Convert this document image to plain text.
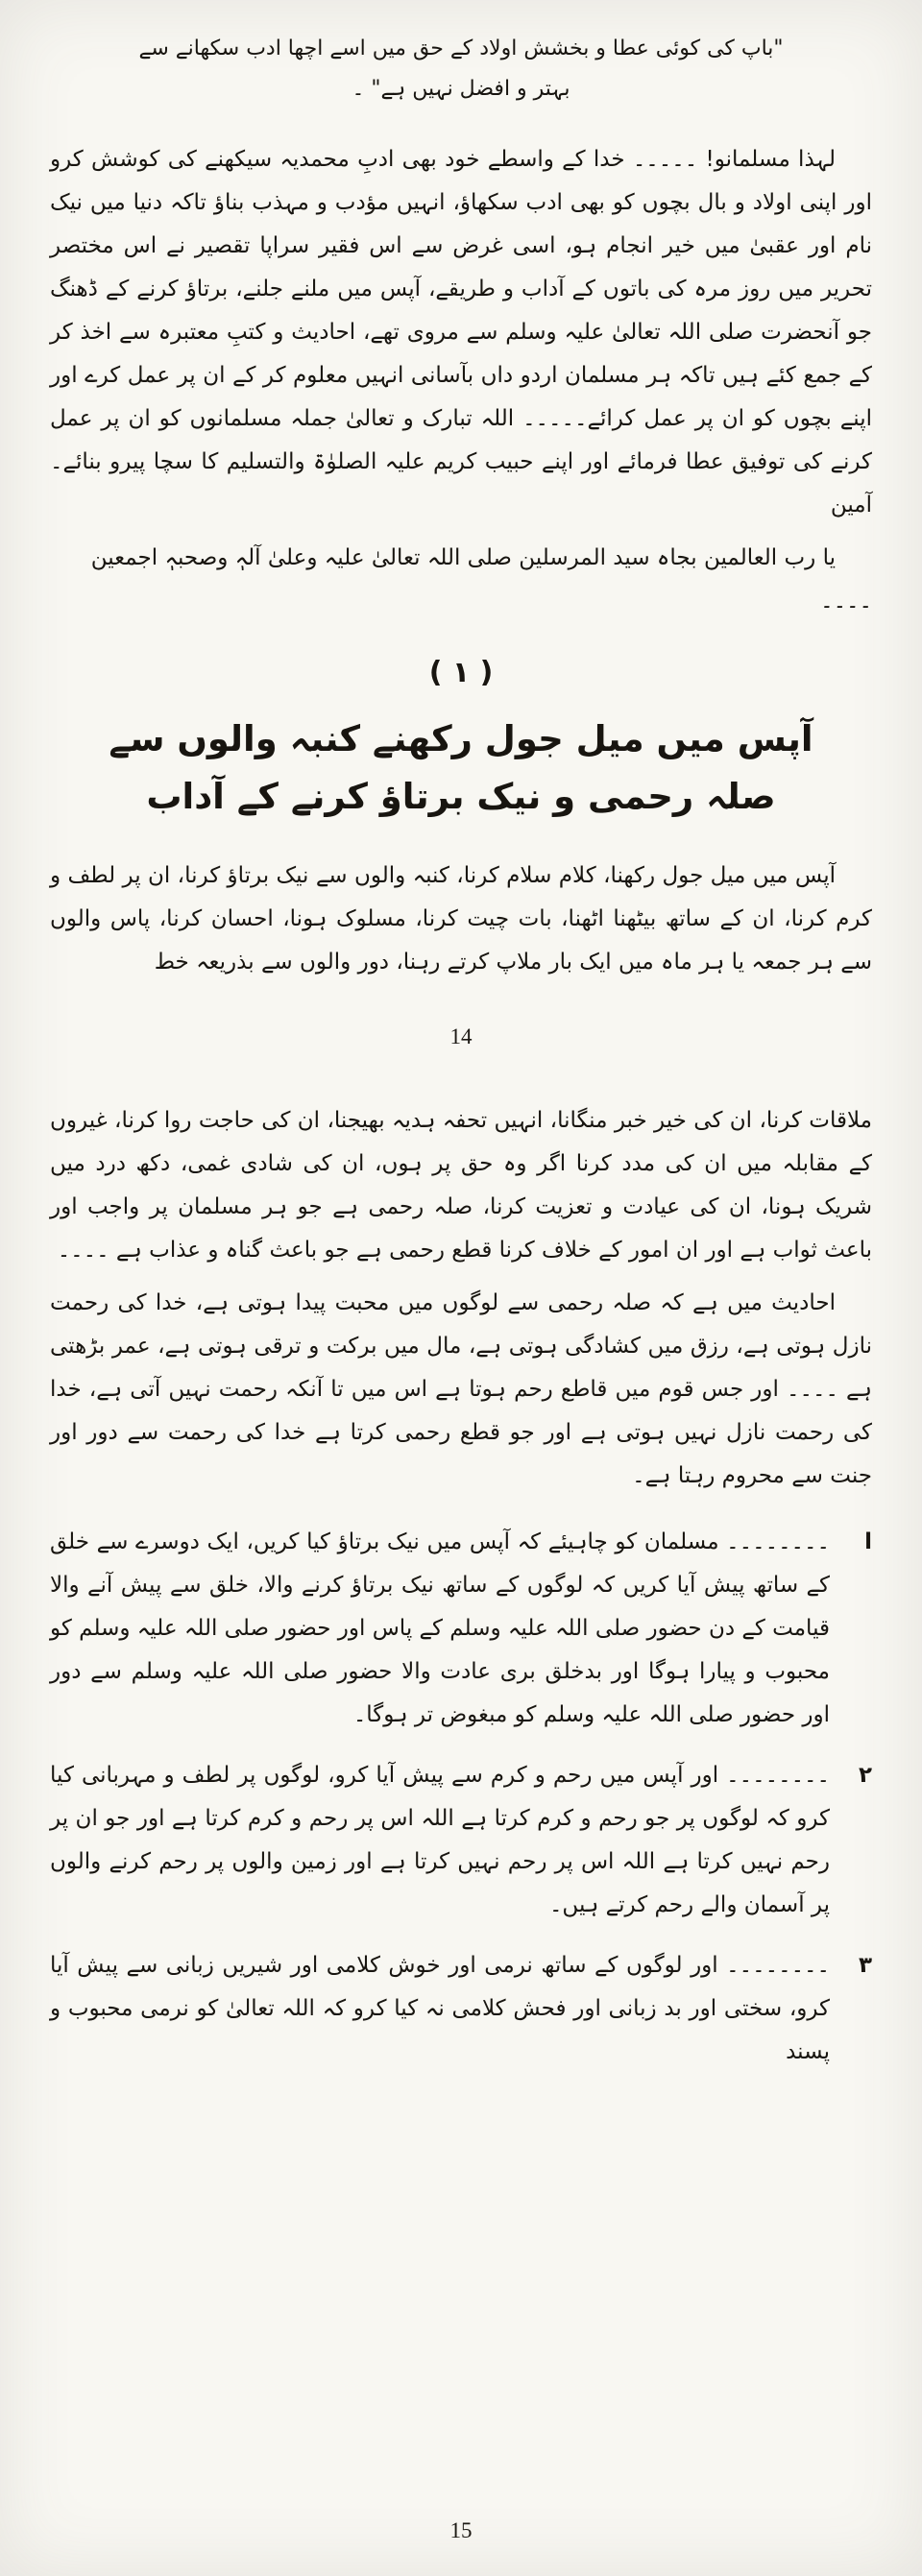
"باپ کی کوئی عطا و بخشش اولاد کے حق میں اسے اچھا ادب سکھانے سے بہتر و افضل نہیں ہے" ۔

لہذا مسلمانو! ۔۔۔۔۔ خدا کے واسطے خود بھی ادبِ محمدیہ سیکھنے کی کوشش کرو اور اپنی اولاد و بال بچوں کو بھی ادب سکھاؤ، انہیں مؤدب و مہذب بناؤ تاکہ دنیا میں نیک نام اور عقبیٰ میں خیر انجام ہو، اسی غرض سے اس فقیر سراپا تقصیر نے اس مختصر تحریر میں روز مرہ کی باتوں کے آداب و طریقے، آپس میں ملنے جلنے، برتاؤ کرنے کے ڈھنگ جو آنحضرت صلی اللہ تعالیٰ علیہ وسلم سے مروی تھے، احادیث و کتبِ معتبرہ سے اخذ کر کے جمع کئے ہیں تاکہ ہر مسلمان اردو داں بآسانی انہیں معلوم کر کے ان پر عمل کرے اور اپنے بچوں کو ان پر عمل کرائے۔۔۔۔۔ اللہ تبارک و تعالیٰ جملہ مسلمانوں کو ان پر عمل کرنے کی توفیق عطا فرمائے اور اپنے حبیب کریم علیہ الصلوٰۃ والتسلیم کا سچا پیرو بنائے۔ آمین

یا رب العالمین بجاہ سید المرسلین صلی اللہ تعالیٰ علیہ وعلیٰ آلہٖ وصحبہٖ اجمعین ۔۔۔۔

( ۱ )
آپس میں میل جول رکھنے کنبہ والوں سے صلہ رحمی و نیک برتاؤ کرنے کے آداب

آپس میں میل جول رکھنا، کلام سلام کرنا، کنبہ والوں سے نیک برتاؤ کرنا، ان پر لطف و کرم کرنا، ان کے ساتھ بیٹھنا اٹھنا، بات چیت کرنا، مسلوک ہونا، احسان کرنا، پاس والوں سے ہر جمعہ یا ہر ماہ میں ایک بار ملاپ کرتے رہنا، دور والوں سے بذریعہ خط

14

ملاقات کرنا، ان کی خیر خبر منگانا، انہیں تحفہ ہدیہ بھیجنا، ان کی حاجت روا کرنا، غیروں کے مقابلہ میں ان کی مدد کرنا اگر وہ حق پر ہوں، ان کی شادی غمی، دکھ درد میں شریک ہونا، ان کی عیادت و تعزیت کرنا، صلہ رحمی ہے جو ہر مسلمان پر واجب اور باعث ثواب ہے اور ان امور کے خلاف کرنا قطع رحمی ہے جو باعث گناہ و عذاب ہے ۔۔۔۔

احادیث میں ہے کہ صلہ رحمی سے لوگوں میں محبت پیدا ہوتی ہے، خدا کی رحمت نازل ہوتی ہے، رزق میں کشادگی ہوتی ہے، مال میں برکت و ترقی ہوتی ہے، عمر بڑھتی ہے ۔۔۔۔ اور جس قوم میں قاطع رحم ہوتا ہے اس میں تا آنکہ رحمت نہیں آتی ہے، خدا کی رحمت نازل نہیں ہوتی ہے اور جو قطع رحمی کرتا ہے خدا کی رحمت سے دور اور جنت سے محروم رہتا ہے۔

ا
۔۔۔۔۔۔۔۔ مسلمان کو چاہیئے کہ آپس میں نیک برتاؤ کیا کریں، ایک دوسرے سے خلق کے ساتھ پیش آیا کریں کہ لوگوں کے ساتھ نیک برتاؤ کرنے والا، خلق سے پیش آنے والا قیامت کے دن حضور صلی اللہ علیہ وسلم کے پاس اور حضور صلی اللہ علیہ وسلم کو محبوب و پیارا ہوگا اور بدخلق بری عادت والا حضور صلی اللہ علیہ وسلم سے دور اور حضور صلی اللہ علیہ وسلم کو مبغوض تر ہوگا۔
۲
۔۔۔۔۔۔۔۔ اور آپس میں رحم و کرم سے پیش آیا کرو، لوگوں پر لطف و مہربانی کیا کرو کہ لوگوں پر جو رحم و کرم کرتا ہے اللہ اس پر رحم و کرم کرتا ہے اور جو ان پر رحم نہیں کرتا ہے اللہ اس پر رحم نہیں کرتا ہے اور زمین والوں پر رحم کرنے والوں پر آسمان والے رحم کرتے ہیں۔
۳
۔۔۔۔۔۔۔۔ اور لوگوں کے ساتھ نرمی اور خوش کلامی اور شیریں زبانی سے پیش آیا کرو، سختی اور بد زبانی اور فحش کلامی نہ کیا کرو کہ اللہ تعالیٰ کو نرمی محبوب و پسند
15
